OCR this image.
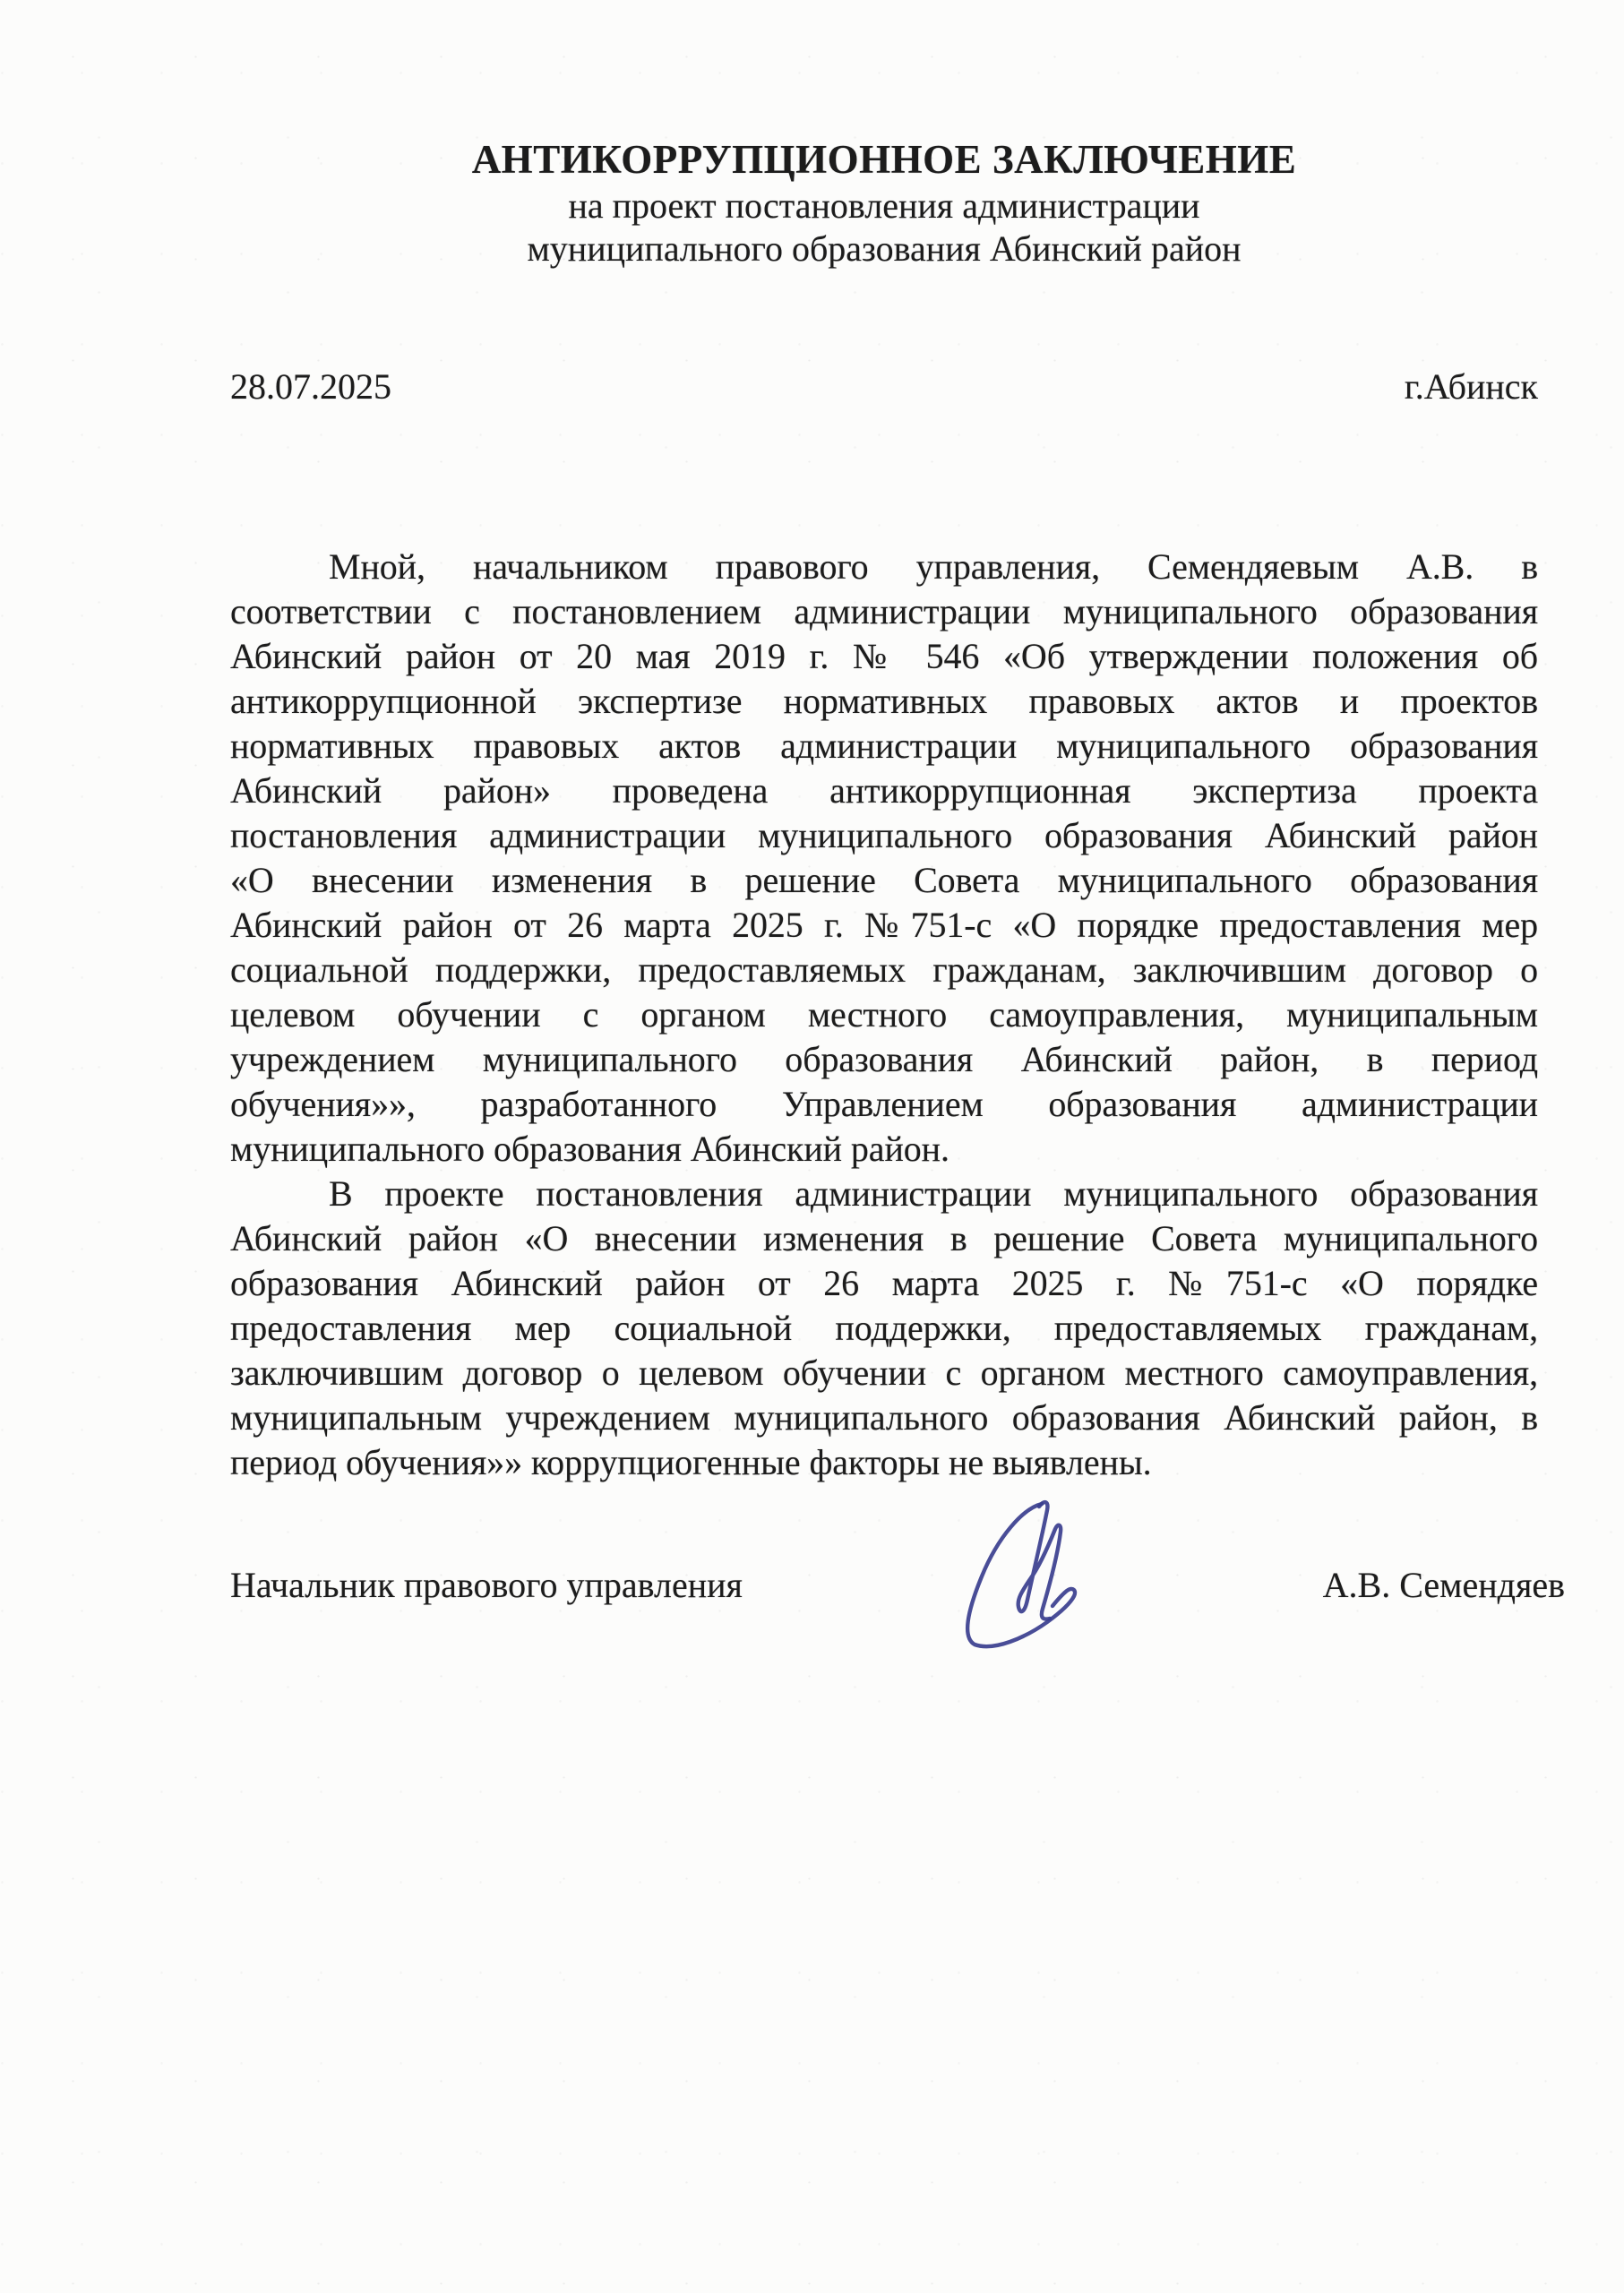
АНТИКОРРУПЦИОННОЕ ЗАКЛЮЧЕНИЕ
на проект постановления администрации
муниципального образования Абинский район
28.07.2025	г.Абинск
Мной, начальником правового управления, Семендяевым А.В. в
соответствии с постановлением администрации муниципального образования
Абинский район от 20 мая 2019 г. № 546 «Об утверждении положения об
антикоррупционной экспертизе нормативных правовых актов и проектов
нормативных правовых актов администрации муниципального образования
Абинский район» проведена антикоррупционная экспертиза проекта
постановления администрации муниципального образования Абинский район
«О внесении изменения в решение Совета муниципального образования
Абинский район от 26 марта 2025 г. №751-с «О порядке предоставления мер
социальной поддержки, предоставляемых гражданам, заключившим договор о
целевом обучении с органом местного самоуправления, муниципальным
учреждением муниципального образования Абинский район, в период
обучения»», разработанного Управлением образования администрации
муниципального образования Абинский район.
В проекте постановления администрации муниципального образования
Абинский район «О внесении изменения в решение Совета муниципального
образования Абинский район от 26 марта 2025 г. №751-с «О порядке
предоставления мер социальной поддержки, предоставляемых гражданам,
заключившим договор о целевом обучении с органом местного самоуправления,
муниципальным учреждением муниципального образования Абинский район, в
период обучения»» коррупциогенные факторы не выявлены.
Начальник правового управления	А.В. Семендяев
